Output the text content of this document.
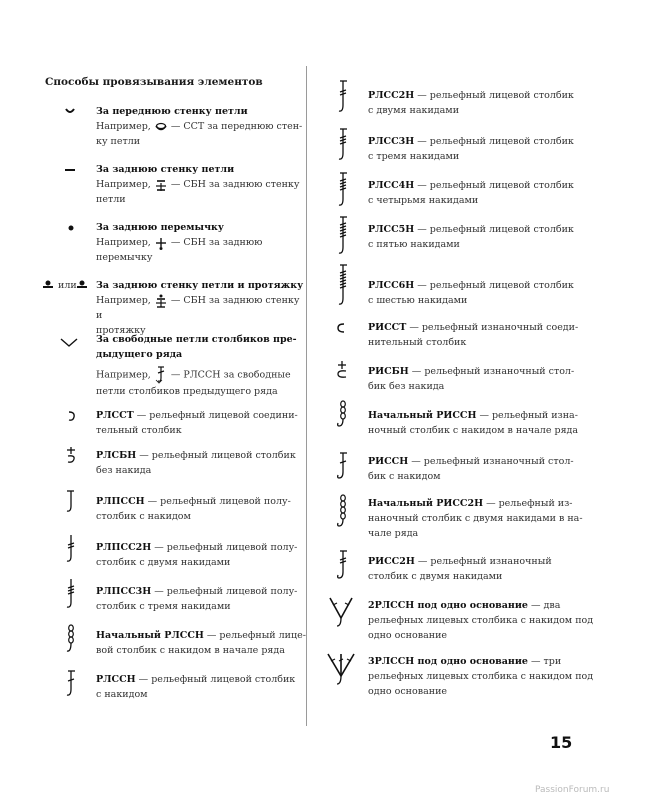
Способы провязывания элементов

За переднюю стенку петли

Например,  — ССТ за переднюю стен-

ку петли

За заднюю стенку петли

Например,  — СБН за заднюю стенку

петли

За заднюю перемычку

Например,  — СБН за заднюю

перемычку

или За заднюю стенку петли и протяжку

Например,  — СБН за заднюю стенку и

протяжку

За свободные петли столбиков пре-

дыдущего ряда

Например,  — РЛССН за свободные

петли столбиков предыдущего ряда

РЛССТ — рельефный лицевой соедини-

тельный столбик

РЛСБН — рельефный лицевой столбик

без накида

РЛПССН — рельефный лицевой полу-

столбик с накидом

РЛПСС2Н — рельефный лицевой полу-

столбик с двумя накидами

РЛПСС3Н — рельефный лицевой полу-

столбик с тремя накидами

Начальный РЛССН — рельефный лице-

вой столбик с накидом в начале ряда

РЛССН — рельефный лицевой столбик

с накидом

РЛСС2Н — рельефный лицевой столбик

с двумя накидами

РЛСС3Н — рельефный лицевой столбик

с тремя накидами

РЛСС4Н — рельефный лицевой столбик

с четырьмя накидами

РЛСС5Н — рельефный лицевой столбик

с пятью накидами

РЛСС6Н — рельефный лицевой столбик

с шестью накидами

РИССТ — рельефный изнаночный соеди-

нительный столбик

РИСБН — рельефный изнаночный стол-

бик без накида

Начальный РИССН — рельефный изна-

ночный столбик с накидом в начале ряда

РИССН — рельефный изнаночный стол-

бик с накидом

Начальный РИСС2Н — рельефный из-

наночный столбик с двумя накидами в на-

чале ряда

РИСС2Н — рельефный изнаночный

столбик с двумя накидами

2РЛССН под одно основание — два

рельефных лицевых столбика с накидом под

одно основание

3РЛССН под одно основание — три

рельефных лицевых столбика с накидом под

одно основание

15
PassionForum.ru
